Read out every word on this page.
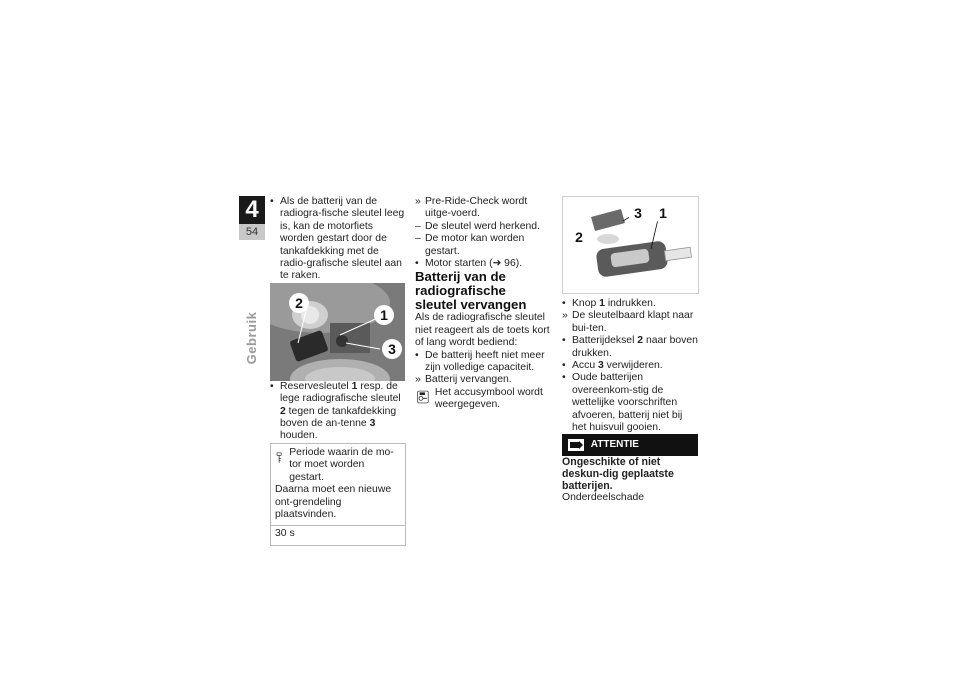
4
54
Gebruik
• Als de batterij van de radiogra-fische sleutel leeg is, kan de motorfiets worden gestart door de tankafdekking met de radio-grafische sleutel aan te raken.
2
1
3
• Reservesleutel 1 resp. de lege radiografische sleutel 2 tegen de tankafdekking boven de an-tenne 3 houden.
Periode waarin de mo-tor moet worden gestart.
Daarna moet een nieuwe ont-grendeling plaatsvinden.
30 s
» Pre-Ride-Check wordt uitge-voerd.
– De sleutel werd herkend.
– De motor kan worden gestart.
• Motor starten (➜ 96).
Batterij van de radiografische sleutel vervangen
Als de radiografische sleutel niet reageert als de toets kort of lang wordt bediend:
• De batterij heeft niet meer zijn volledige capaciteit.
» Batterij vervangen.
Het accusymbool wordt weergegeven.
3	1
2
• Knop 1 indrukken.
» De sleutelbaard klapt naar bui-ten.
• Batterijdeksel 2 naar boven drukken.
• Accu 3 verwijderen.
• Oude batterijen overeenkom-stig de wettelijke voorschriften afvoeren, batterij niet bij het huisvuil gooien.
ATTENTIE
Ongeschikte of niet deskun-dig geplaatste batterijen.
Onderdeelschade
